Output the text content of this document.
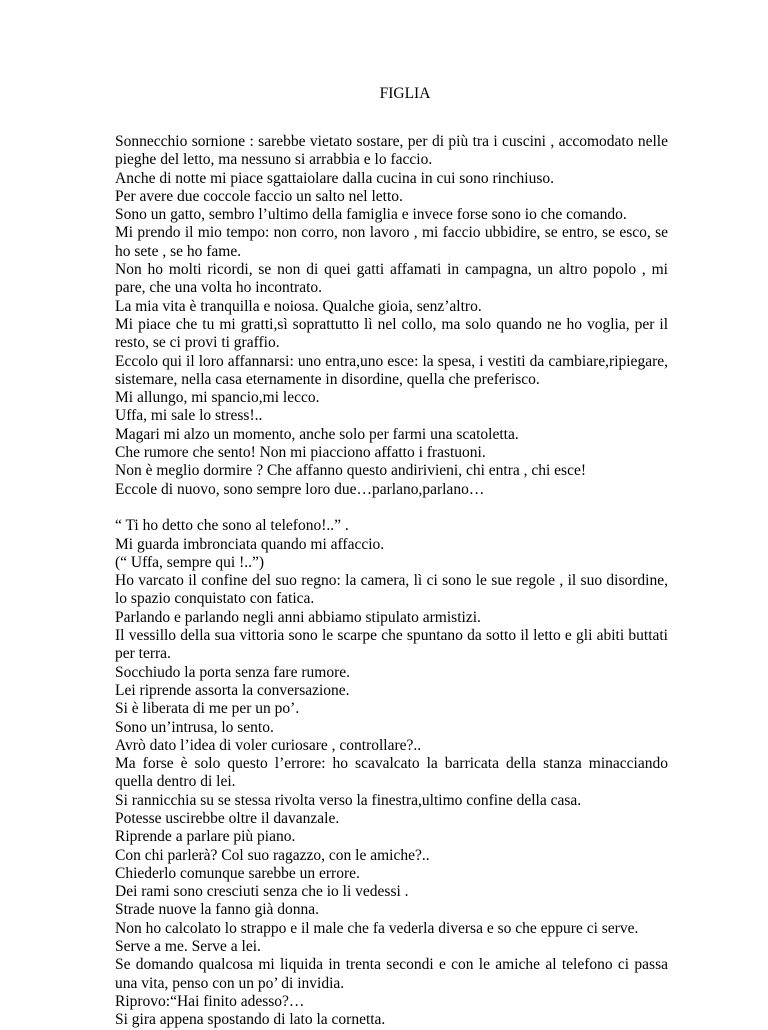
FIGLIA

Sonnecchio sornione : sarebbe vietato sostare, per di più tra i cuscini , accomodato nelle pieghe del letto, ma nessuno si arrabbia e lo faccio.

Anche di notte mi piace sgattaiolare dalla cucina in cui sono rinchiuso.

Per avere due coccole faccio un salto nel letto.

Sono un gatto, sembro l’ultimo della famiglia e invece forse sono io che comando.

Mi prendo il mio tempo: non corro, non lavoro , mi faccio ubbidire, se entro, se esco, se ho sete , se ho fame.

Non ho molti ricordi, se non di quei gatti affamati in campagna, un altro popolo , mi pare, che una volta ho incontrato.

La mia vita è tranquilla e noiosa. Qualche gioia, senz’altro.

Mi piace che tu mi gratti,sì soprattutto lì nel collo, ma solo quando ne ho voglia, per il resto, se ci provi ti graffio.

Eccolo qui il loro affannarsi: uno entra,uno esce: la spesa, i vestiti da cambiare,ripiegare, sistemare, nella casa eternamente in disordine, quella che preferisco.

Mi allungo, mi spancio,mi lecco.

Uffa, mi sale lo stress!..

Magari mi alzo un momento, anche solo per farmi una scatoletta.

Che rumore che sento! Non mi piacciono affatto i frastuoni.

Non è meglio dormire ? Che affanno questo andirivieni, chi entra , chi esce!

Eccole di nuovo, sono sempre loro due…parlano,parlano…

“ Ti ho detto che sono al telefono!..” .

Mi guarda imbronciata quando mi affaccio.

(“ Uffa, sempre qui !..”)

Ho varcato il confine del suo regno: la camera, lì ci sono le sue regole , il suo disordine, lo spazio conquistato con fatica.

Parlando e parlando negli anni abbiamo stipulato armistizi.

Il vessillo della sua vittoria sono le scarpe che spuntano da sotto il letto e gli abiti buttati per terra.

Socchiudo la porta senza fare rumore.

Lei riprende assorta la conversazione.

Si è liberata di me per un po’.

Sono un’intrusa, lo sento.

Avrò dato l’idea di voler curiosare , controllare?..

Ma forse è solo questo l’errore: ho scavalcato la barricata della stanza minacciando quella dentro di lei.

Si rannicchia su se stessa rivolta verso la finestra,ultimo confine della casa.

Potesse uscirebbe oltre il davanzale.

Riprende a parlare più piano.

Con chi parlerà? Col suo ragazzo, con le amiche?..

Chiederlo comunque sarebbe un errore.

Dei rami sono cresciuti senza che io li vedessi .

Strade nuove la fanno già donna.

Non ho calcolato lo strappo e il male che fa vederla diversa e so che eppure ci serve.

Serve a me. Serve a lei.

Se domando qualcosa mi liquida in trenta secondi e con le amiche al telefono ci passa una vita, penso con un po’ di invidia.

Riprovo:“Hai finito adesso?…

Si gira appena spostando di lato la cornetta.
